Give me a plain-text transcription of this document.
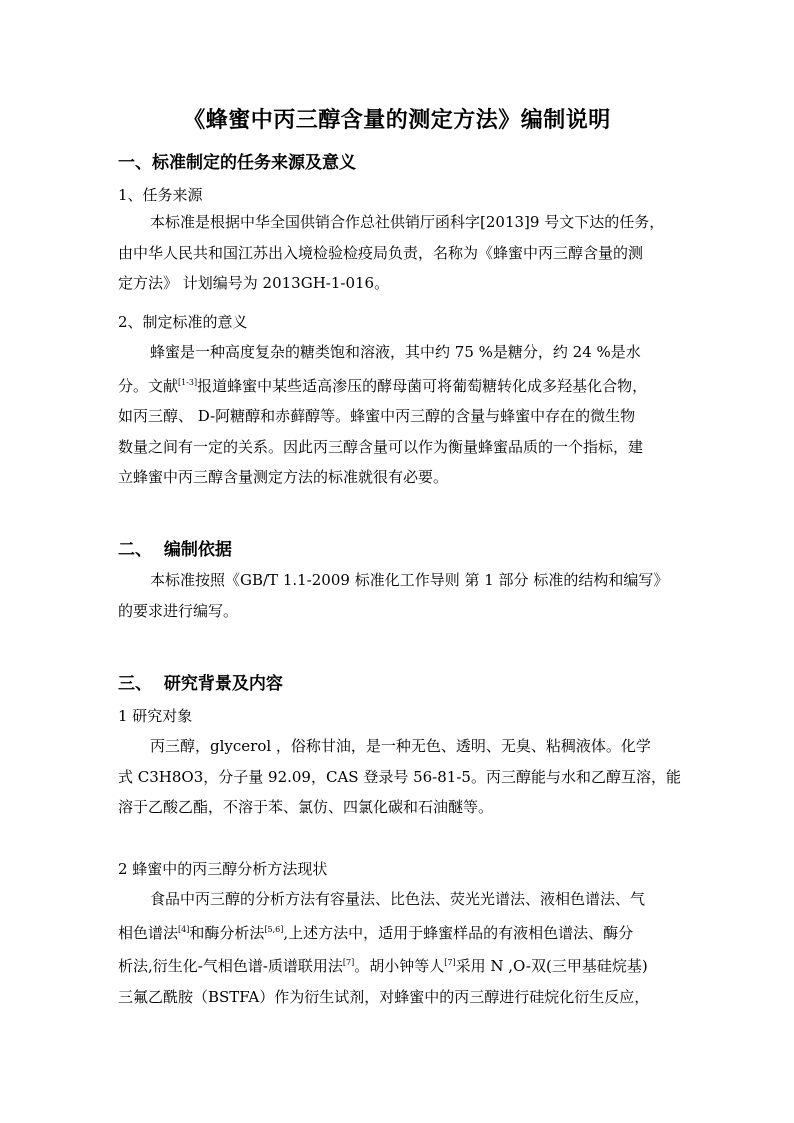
《蜂蜜中丙三醇含量的测定方法》编制说明
一、标准制定的任务来源及意义
1、任务来源
本标准是根据中华全国供销合作总社供销厅函科字[2013]9 号文下达的任务，
由中华人民共和国江苏出入境检验检疫局负责，名称为《蜂蜜中丙三醇含量的测
定方法》 计划编号为 2013GH-1-016。
2、制定标准的意义
蜂蜜是一种高度复杂的糖类饱和溶液，其中约 75 %是糖分，约 24 %是水
分。文献[1-3]报道蜂蜜中某些适高渗压的酵母菌可将葡萄糖转化成多羟基化合物，
如丙三醇、 D-阿糖醇和赤藓醇等。蜂蜜中丙三醇的含量与蜂蜜中存在的微生物
数量之间有一定的关系。因此丙三醇含量可以作为衡量蜂蜜品质的一个指标，建
立蜂蜜中丙三醇含量测定方法的标准就很有必要。
二、  编制依据
本标准按照《GB/T 1.1-2009 标准化工作导则 第 1 部分 标准的结构和编写》
的要求进行编写。
三、  研究背景及内容
1 研究对象
丙三醇，glycerol ，俗称甘油，是一种无色、透明、无臭、粘稠液体。化学
式 C3H8O3，分子量 92.09，CAS 登录号 56-81-5。丙三醇能与水和乙醇互溶，能
溶于乙酸乙酯，不溶于苯、氯仿、四氯化碳和石油醚等。
2 蜂蜜中的丙三醇分析方法现状
食品中丙三醇的分析方法有容量法、比色法、荧光光谱法、液相色谱法、气
相色谱法[4]和酶分析法[5,6],上述方法中，适用于蜂蜜样品的有液相色谱法、酶分
析法,衍生化-气相色谱-质谱联用法[7]。胡小钟等人[7]采用 N ,O-双(三甲基硅烷基)
三氟乙酰胺（BSTFA）作为衍生试剂，对蜂蜜中的丙三醇进行硅烷化衍生反应，
